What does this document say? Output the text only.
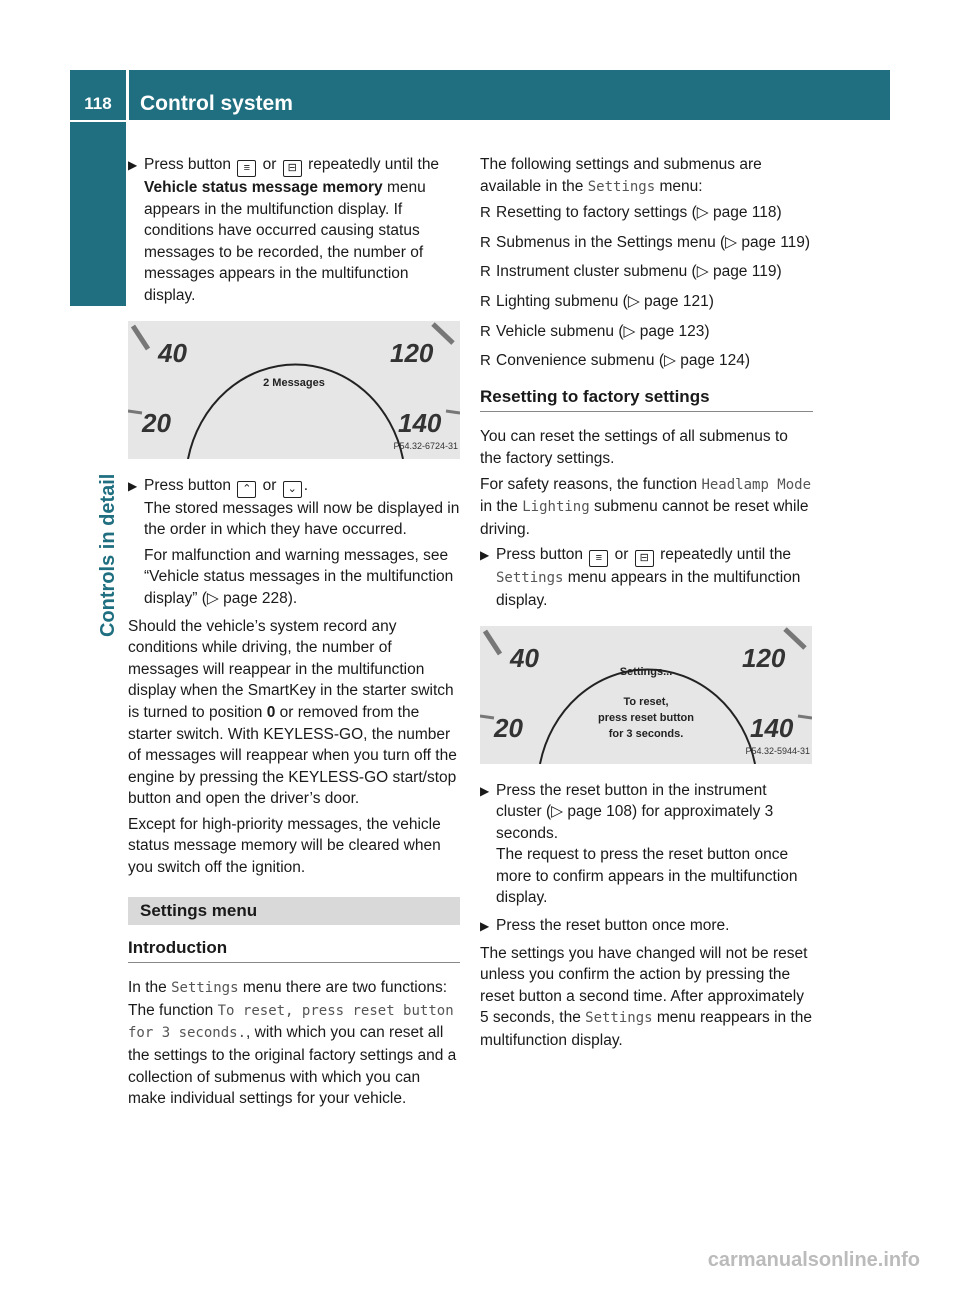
118	Control system
Controls in detail
▶ Press button ≡ or ⊟ repeatedly until the Vehicle status message memory menu appears in the multifunction display. If conditions have occurred causing status messages to be recorded, the number of messages appears in the multifunction display.
40	120
20	140
2 Messages
P54.32-6724-31
▶ Press button ⌃ or ⌄ .

The stored messages will now be displayed in the order in which they have occurred.

For malfunction and warning messages, see “Vehicle status messages in the multifunction display” (▷ page 228).

Should the vehicle’s system record any conditions while driving, the number of messages will reappear in the multifunction display when the SmartKey in the starter switch is turned to position 0 or removed from the starter switch. With KEYLESS-GO, the number of messages will reappear when you turn off the engine by pressing the KEYLESS-GO start/stop button and open the driver’s door.

Except for high-priority messages, the vehicle status message memory will be cleared when you switch off the ignition.

Settings menu
Introduction

In the Settings menu there are two functions: The function To reset, press reset button for 3 seconds., with which you can reset all the settings to the original factory settings and a collection of submenus with which you can make individual settings for your vehicle.

The following settings and submenus are available in the Settings menu:

R Resetting to factory settings (▷ page 118)
R Submenus in the Settings menu (▷ page 119)
R Instrument cluster submenu (▷ page 119)
R Lighting submenu (▷ page 121)
R Vehicle submenu (▷ page 123)
R Convenience submenu (▷ page 124)
Resetting to factory settings

You can reset the settings of all submenus to the factory settings.

For safety reasons, the function Headlamp Mode in the Lighting submenu cannot be reset while driving.

▶ Press button ≡ or ⊟ repeatedly until the Settings menu appears in the multifunction display.
40	120
20	140
Settings...
To reset,
press reset button
for 3 seconds.
P54.32-5944-31
▶ Press the reset button in the instrument cluster (▷ page 108) for approximately 3 seconds.

The request to press the reset button once more to confirm appears in the multifunction display.

▶ Press the reset button once more.

The settings you have changed will not be reset unless you confirm the action by pressing the reset button a second time. After approximately 5 seconds, the Settings menu reappears in the multifunction display.

carmanualsonline.info
